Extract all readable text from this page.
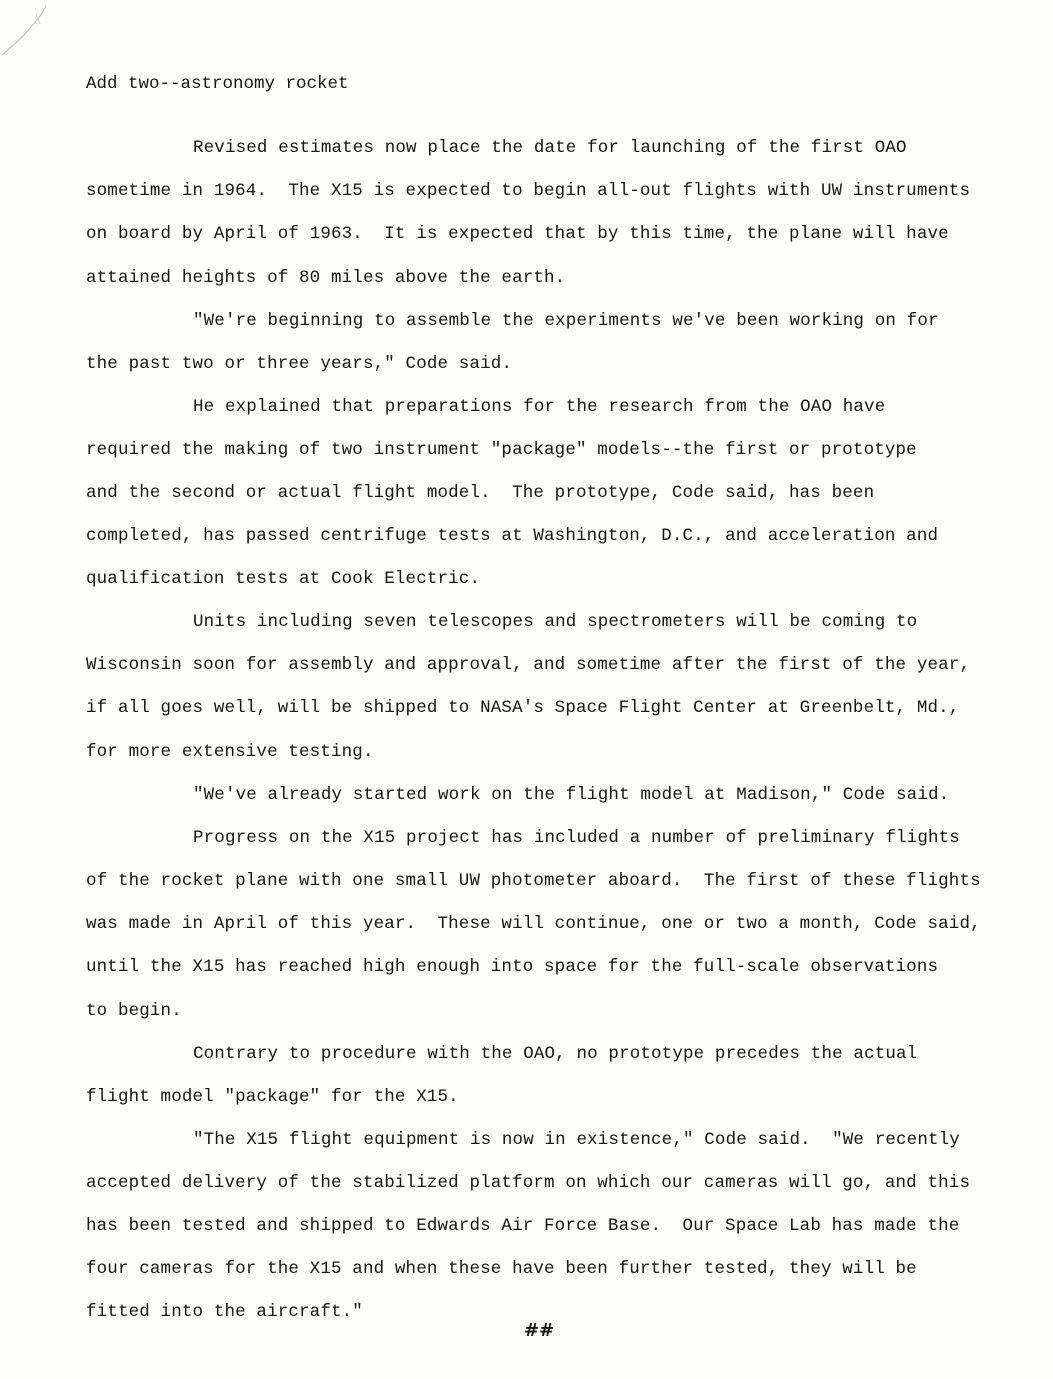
Add two--astronomy rocket
Revised estimates now place the date for launching of the first OAO
sometime in 1964.  The X15 is expected to begin all-out flights with UW instruments
on board by April of 1963.  It is expected that by this time, the plane will have
attained heights of 80 miles above the earth.
"We're beginning to assemble the experiments we've been working on for
the past two or three years," Code said.
He explained that preparations for the research from the OAO have
required the making of two instrument "package" models--the first or prototype
and the second or actual flight model.  The prototype, Code said, has been
completed, has passed centrifuge tests at Washington, D.C., and acceleration and
qualification tests at Cook Electric.
Units including seven telescopes and spectrometers will be coming to
Wisconsin soon for assembly and approval, and sometime after the first of the year,
if all goes well, will be shipped to NASA's Space Flight Center at Greenbelt, Md.,
for more extensive testing.
"We've already started work on the flight model at Madison," Code said.
Progress on the X15 project has included a number of preliminary flights
of the rocket plane with one small UW photometer aboard.  The first of these flights
was made in April of this year.  These will continue, one or two a month, Code said,
until the X15 has reached high enough into space for the full-scale observations
to begin.
Contrary to procedure with the OAO, no prototype precedes the actual
flight model "package" for the X15.
"The X15 flight equipment is now in existence," Code said.  "We recently
accepted delivery of the stabilized platform on which our cameras will go, and this
has been tested and shipped to Edwards Air Force Base.  Our Space Lab has made the
four cameras for the X15 and when these have been further tested, they will be
fitted into the aircraft."
##
